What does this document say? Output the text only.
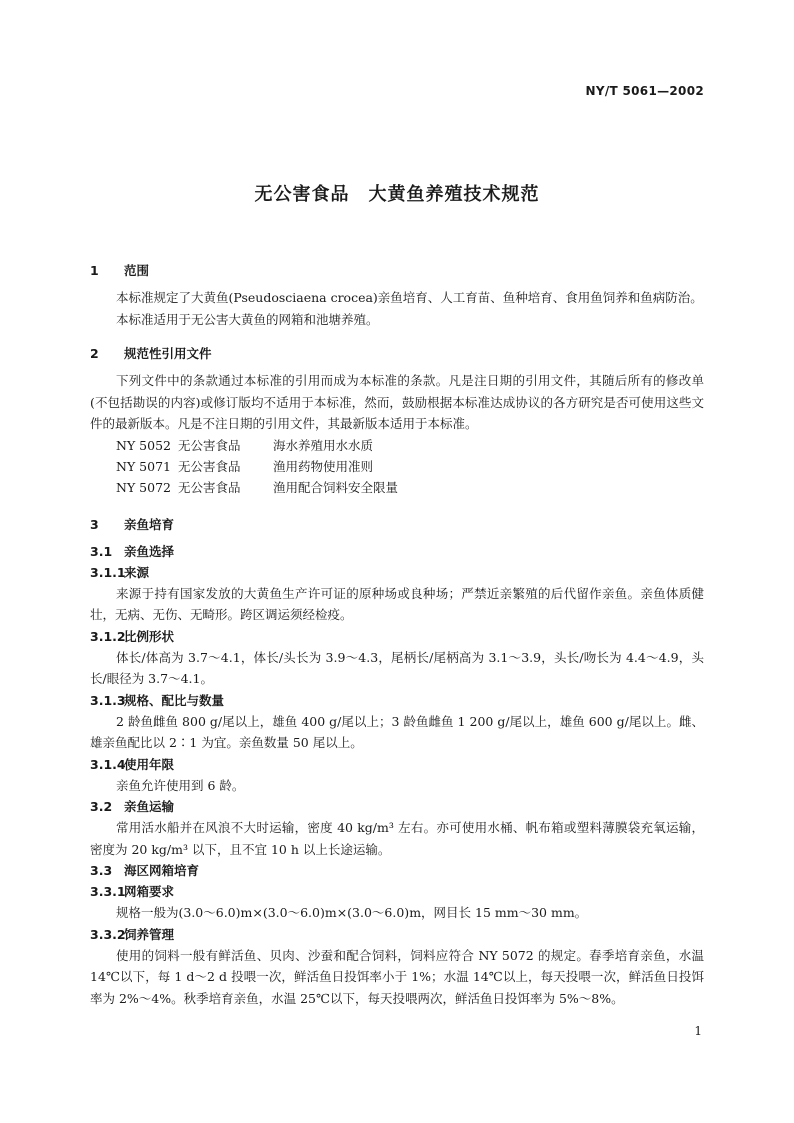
NY/T 5061—2002
无公害食品　大黄鱼养殖技术规范
1 范围

本标准规定了大黄鱼(Pseudosciaena crocea)亲鱼培育、人工育苗、鱼种培育、食用鱼饲养和鱼病防治。

本标准适用于无公害大黄鱼的网箱和池塘养殖。

2 规范性引用文件

下列文件中的条款通过本标准的引用而成为本标准的条款。凡是注日期的引用文件，其随后所有的修改单(不包括勘误的内容)或修订版均不适用于本标准，然而，鼓励根据本标准达成协议的各方研究是否可使用这些文件的最新版本。凡是不注日期的引用文件，其最新版本适用于本标准。

NY 5052 无公害食品	海水养殖用水水质
NY 5071 无公害食品	渔用药物使用准则
NY 5072 无公害食品	渔用配合饲料安全限量
3 亲鱼培育
3.1 亲鱼选择
3.1.1来源

来源于持有国家发放的大黄鱼生产许可证的原种场或良种场；严禁近亲繁殖的后代留作亲鱼。亲鱼体质健壮，无病、无伤、无畸形。跨区调运须经检疫。

3.1.2比例形状

体长/体高为 3.7～4.1，体长/头长为 3.9～4.3，尾柄长/尾柄高为 3.1～3.9，头长/吻长为 4.4～4.9，头长/眼径为 3.7～4.1。

3.1.3规格、配比与数量

2 龄鱼雌鱼 800 g/尾以上，雄鱼 400 g/尾以上；3 龄鱼雌鱼 1 200 g/尾以上，雄鱼 600 g/尾以上。雌、雄亲鱼配比以 2∶1 为宜。亲鱼数量 50 尾以上。

3.1.4使用年限

亲鱼允许使用到 6 龄。

3.2 亲鱼运输

常用活水船并在风浪不大时运输，密度 40 kg/m³ 左右。亦可使用水桶、帆布箱或塑料薄膜袋充氧运输，密度为 20 kg/m³ 以下，且不宜 10 h 以上长途运输。

3.3 海区网箱培育
3.3.1网箱要求

规格一般为(3.0～6.0)m×(3.0～6.0)m×(3.0～6.0)m，网目长 15 mm～30 mm。

3.3.2饲养管理

使用的饲料一般有鲜活鱼、贝肉、沙蚕和配合饲料，饲料应符合 NY 5072 的规定。春季培育亲鱼，水温 14℃以下，每 1 d～2 d 投喂一次，鲜活鱼日投饵率小于 1%；水温 14℃以上，每天投喂一次，鲜活鱼日投饵率为 2%～4%。秋季培育亲鱼，水温 25℃以下，每天投喂两次，鲜活鱼日投饵率为 5%～8%。

1
